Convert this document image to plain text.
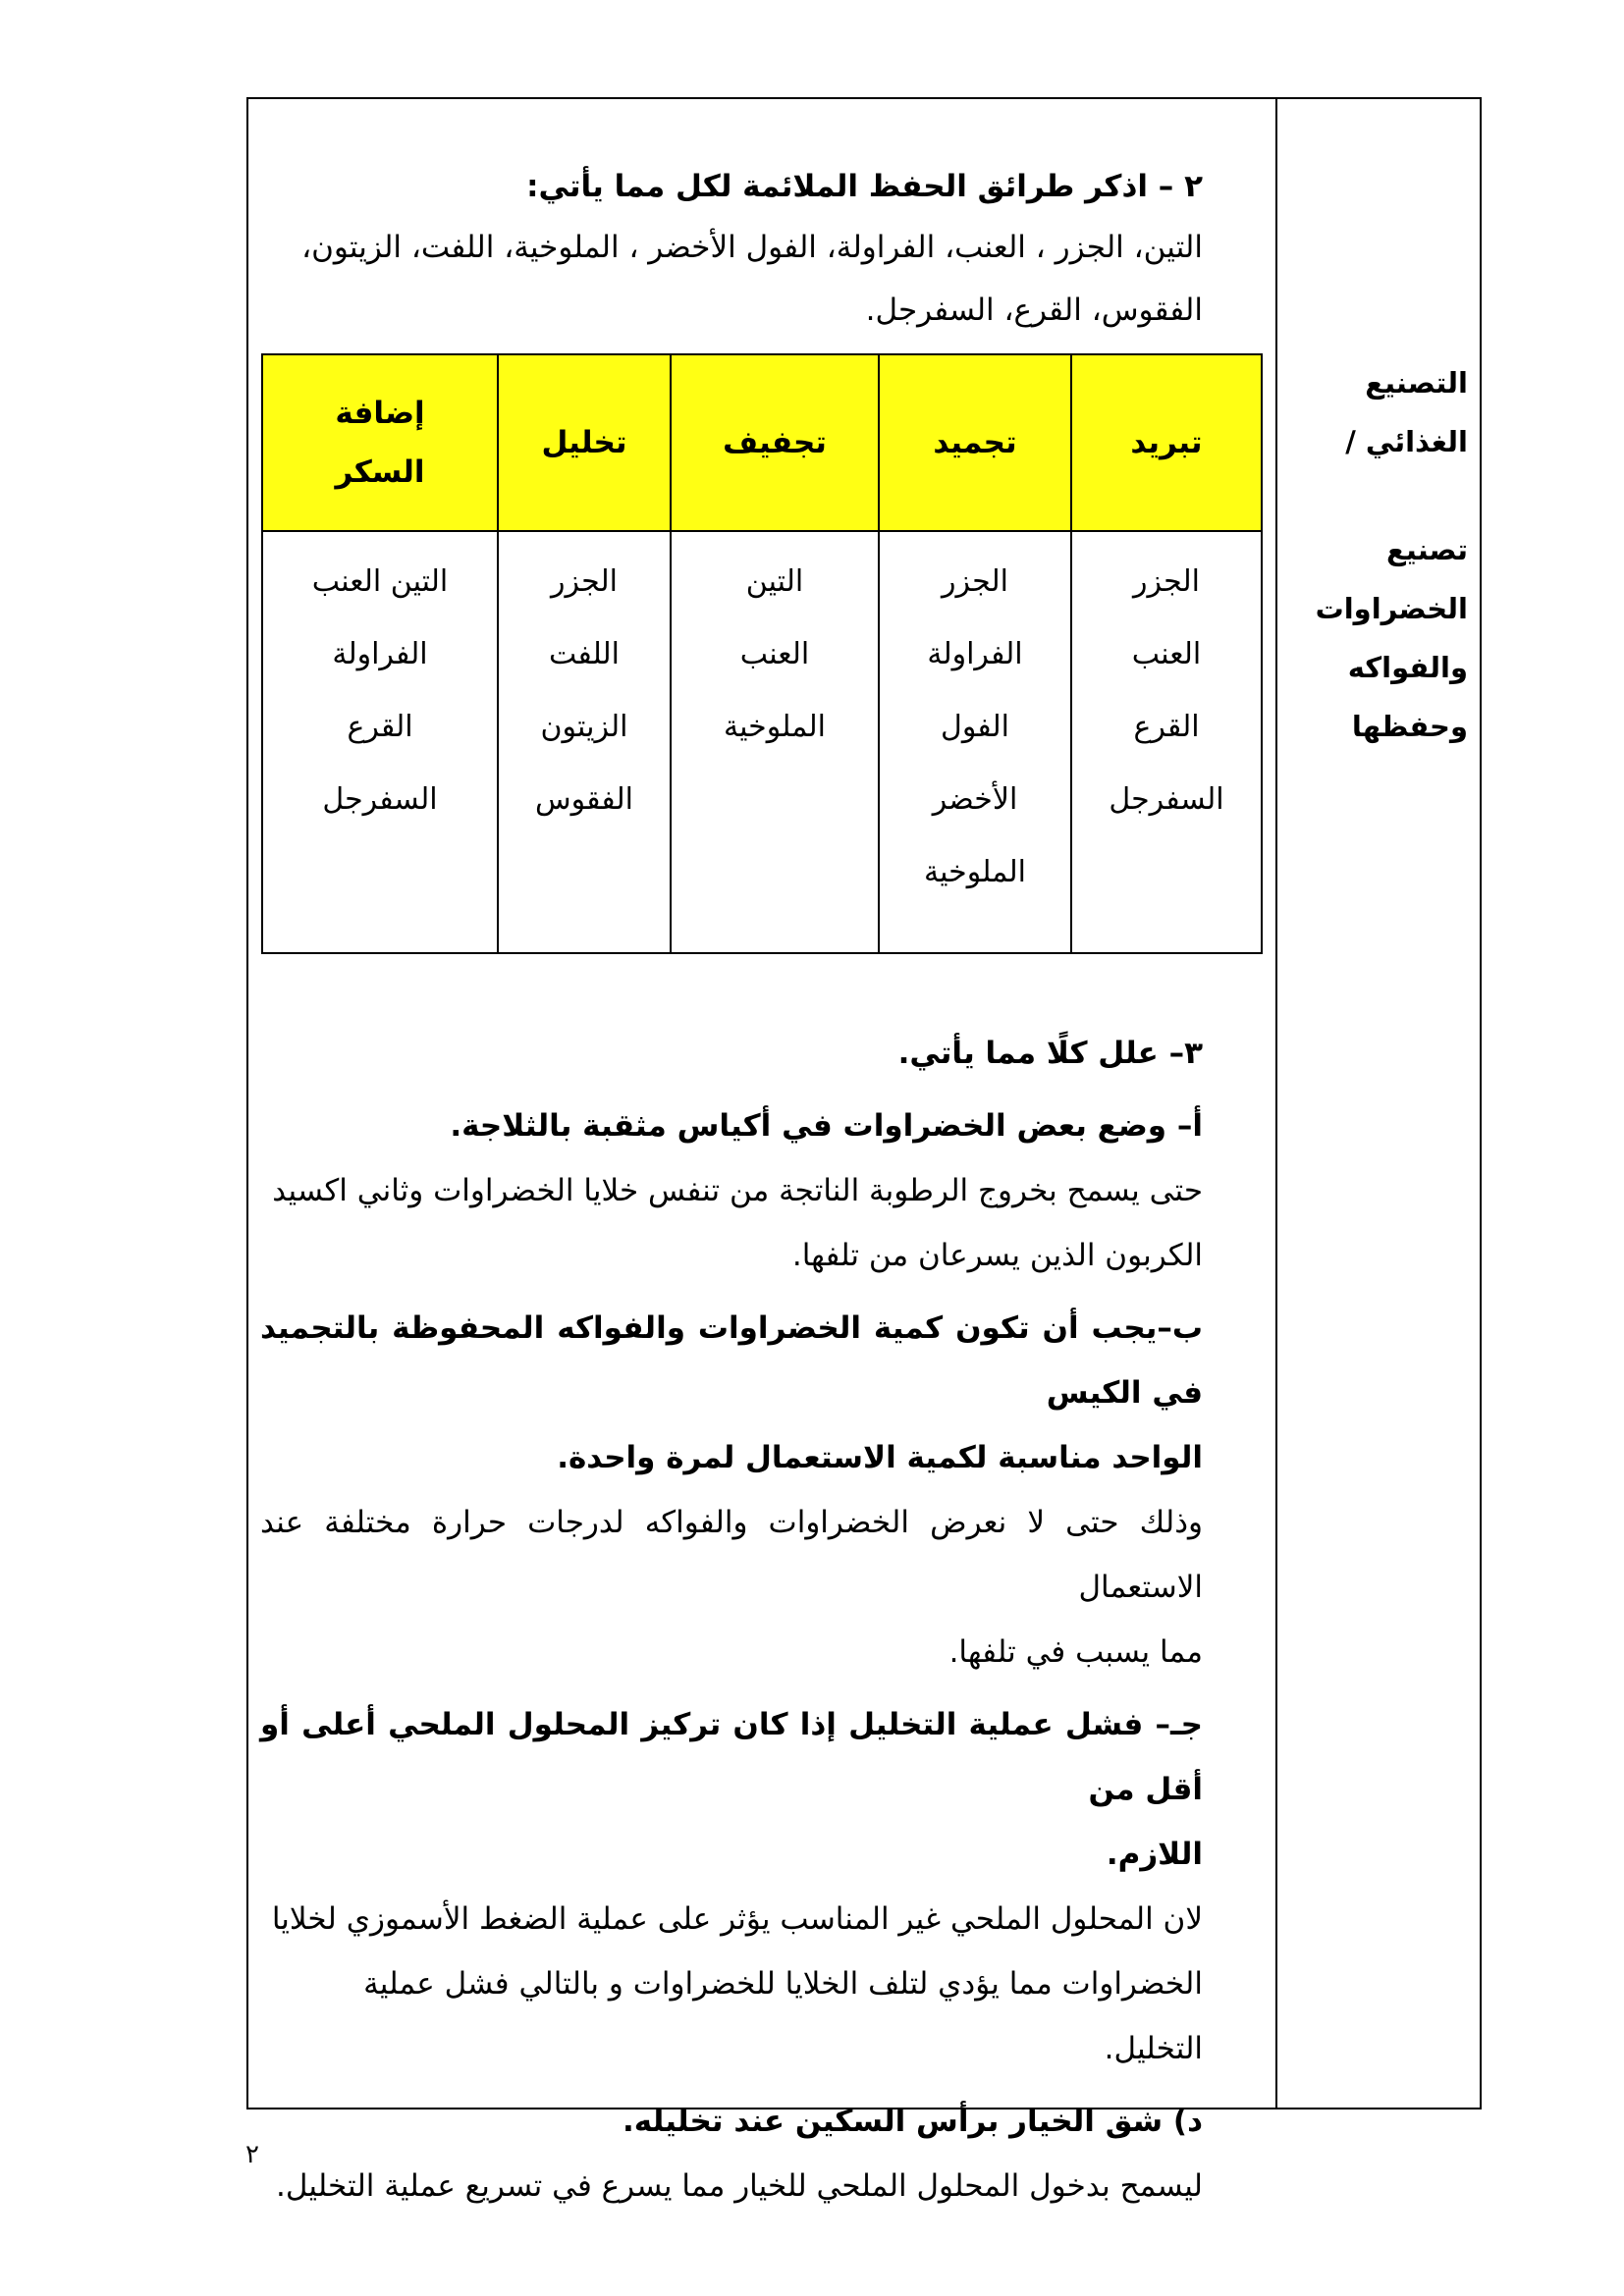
التصنيع
الغذائي /
تصنيع
الخضراوات
والفواكه
وحفظها

٢ – اذكر طرائق الحفظ الملائمة لكل مما يأتي:

التين، الجزر ، العنب، الفراولة، الفول الأخضر ، الملوخية، اللفت، الزيتون،

الفقوس، القرع، السفرجل.

تبريد	تجميد	تجفيف	تخليل	إضافة
السكر

الجزر
العنب
القرع
السفرجل	الجزر
الفراولة
الفول
الأخضر
الملوخية	التين
العنب
الملوخية	الجزر
اللفت
الزيتون
الفقوس	التين العنب
الفراولة
القرع
السفرجل

٣– علل كلًا مما يأتي.

أ– وضع بعض الخضراوات في أكياس مثقبة بالثلاجة.

حتى يسمح بخروج الرطوبة الناتجة من تنفس خلايا الخضراوات وثاني اكسيد

الكربون الذين يسرعان من تلفها.

ب–يجب أن تكون كمية الخضراوات والفواكه المحفوظة بالتجميد في الكيس

الواحد مناسبة لكمية الاستعمال لمرة واحدة.

وذلك حتى لا نعرض الخضراوات والفواكه لدرجات حرارة مختلفة عند الاستعمال

مما يسبب في تلفها.

جـ– فشل عملية التخليل إذا كان تركيز المحلول الملحي أعلى أو أقل من

اللازم.

لان المحلول الملحي غير المناسب يؤثر على عملية الضغط الأسموزي لخلايا

الخضراوات مما يؤدي لتلف الخلايا للخضراوات و بالتالي فشل عملية التخليل.

د) شق الخيار برأس السكين عند تخليله.

ليسمح بدخول المحلول الملحي للخيار مما يسرع في تسريع عملية التخليل.

٢
